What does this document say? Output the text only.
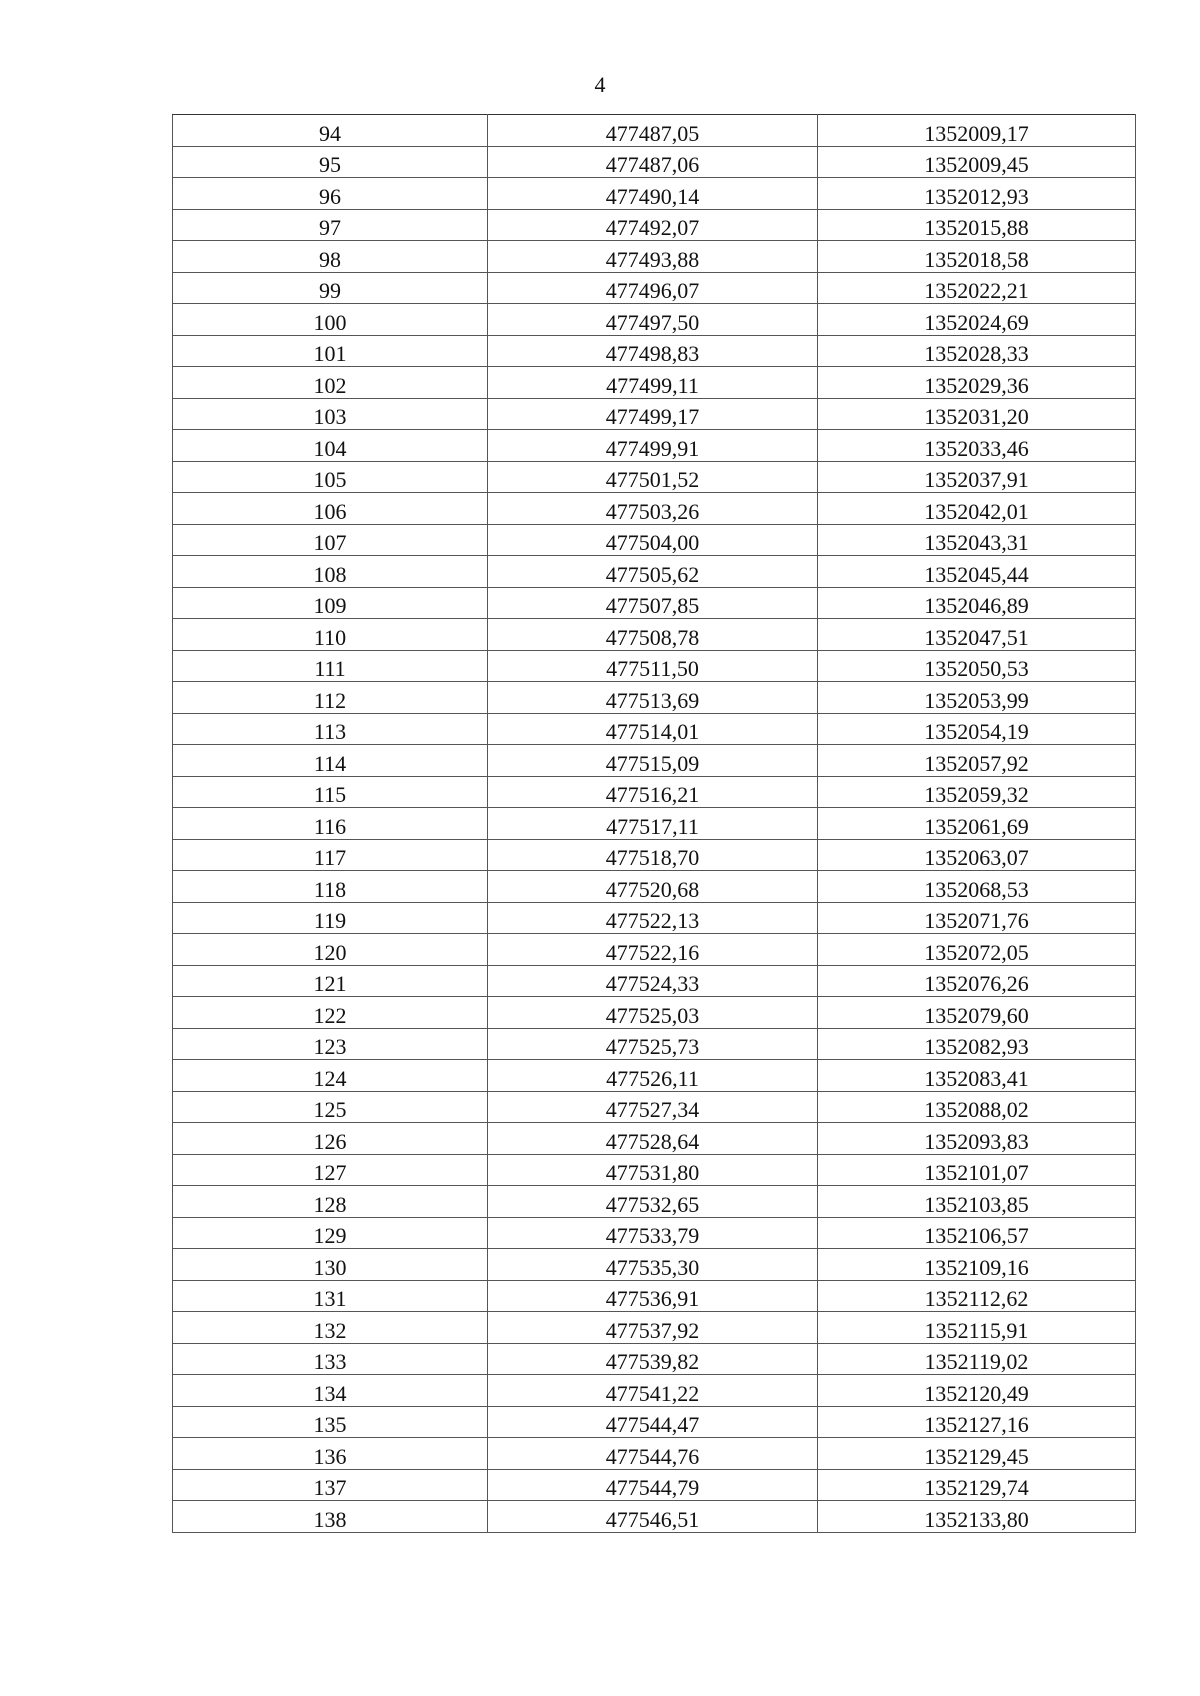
4
94	477487,05	1352009,17
95	477487,06	1352009,45
96	477490,14	1352012,93
97	477492,07	1352015,88
98	477493,88	1352018,58
99	477496,07	1352022,21
100	477497,50	1352024,69
101	477498,83	1352028,33
102	477499,11	1352029,36
103	477499,17	1352031,20
104	477499,91	1352033,46
105	477501,52	1352037,91
106	477503,26	1352042,01
107	477504,00	1352043,31
108	477505,62	1352045,44
109	477507,85	1352046,89
110	477508,78	1352047,51
111	477511,50	1352050,53
112	477513,69	1352053,99
113	477514,01	1352054,19
114	477515,09	1352057,92
115	477516,21	1352059,32
116	477517,11	1352061,69
117	477518,70	1352063,07
118	477520,68	1352068,53
119	477522,13	1352071,76
120	477522,16	1352072,05
121	477524,33	1352076,26
122	477525,03	1352079,60
123	477525,73	1352082,93
124	477526,11	1352083,41
125	477527,34	1352088,02
126	477528,64	1352093,83
127	477531,80	1352101,07
128	477532,65	1352103,85
129	477533,79	1352106,57
130	477535,30	1352109,16
131	477536,91	1352112,62
132	477537,92	1352115,91
133	477539,82	1352119,02
134	477541,22	1352120,49
135	477544,47	1352127,16
136	477544,76	1352129,45
137	477544,79	1352129,74
138	477546,51	1352133,80
